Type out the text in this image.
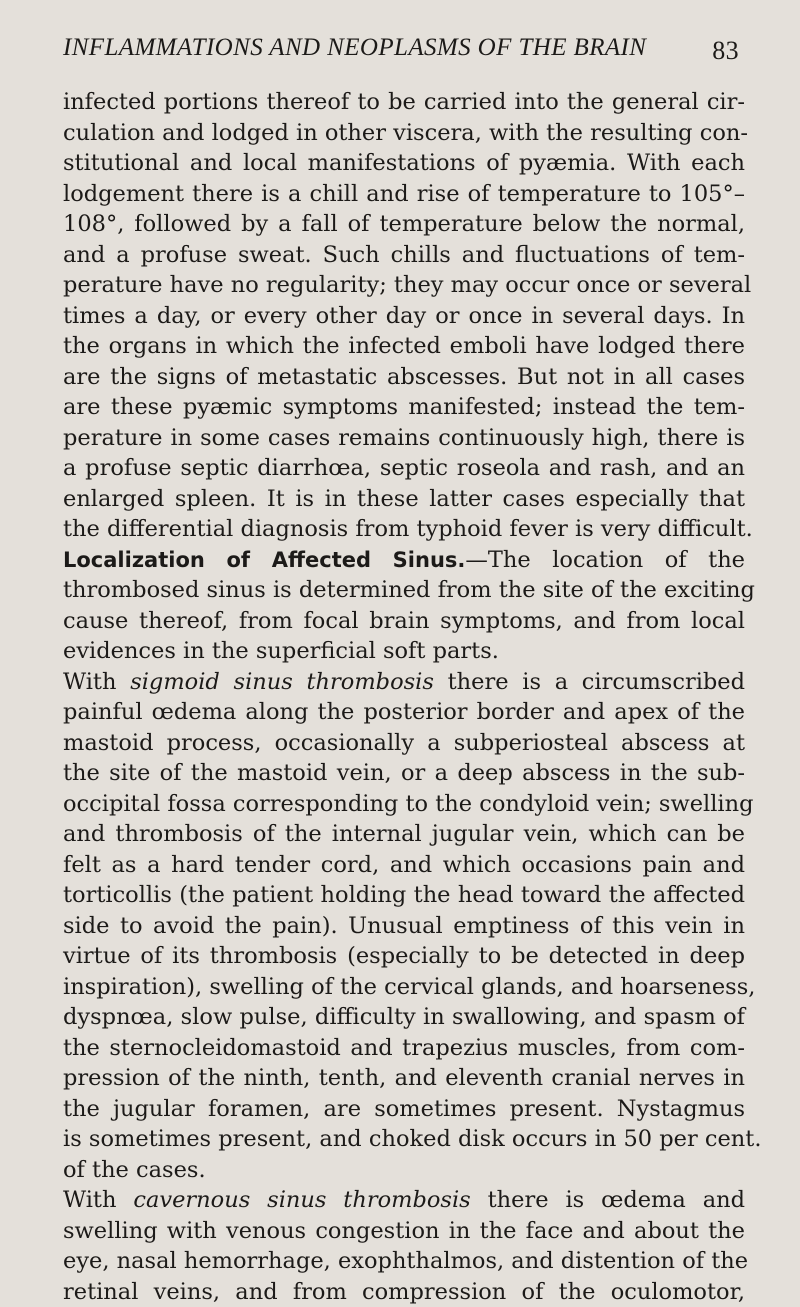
INFLAMMATIONS AND NEOPLASMS OF THE BRAIN	83
infected portions thereof to be carried into the general cir-
culation and lodged in other viscera, with the resulting con-
stitutional and local manifestations of pyæmia. With each
lodgement there is a chill and rise of temperature to 105°–
108°, followed by a fall of temperature below the normal,
and a profuse sweat. Such chills and fluctuations of tem-
perature have no regularity; they may occur once or several
times a day, or every other day or once in several days. In
the organs in which the infected emboli have lodged there
are the signs of metastatic abscesses. But not in all cases
are these pyæmic symptoms manifested; instead the tem-
perature in some cases remains continuously high, there is
a profuse septic diarrhœa, septic roseola and rash, and an
enlarged spleen. It is in these latter cases especially that
the differential diagnosis from typhoid fever is very difficult.
Localization of Affected Sinus.—The location of the
thrombosed sinus is determined from the site of the exciting
cause thereof, from focal brain symptoms, and from local
evidences in the superficial soft parts.
With sigmoid sinus thrombosis there is a circumscribed
painful œdema along the posterior border and apex of the
mastoid process, occasionally a subperiosteal abscess at
the site of the mastoid vein, or a deep abscess in the sub-
occipital fossa corresponding to the condyloid vein; swelling
and thrombosis of the internal jugular vein, which can be
felt as a hard tender cord, and which occasions pain and
torticollis (the patient holding the head toward the affected
side to avoid the pain). Unusual emptiness of this vein in
virtue of its thrombosis (especially to be detected in deep
inspiration), swelling of the cervical glands, and hoarseness,
dyspnœa, slow pulse, difficulty in swallowing, and spasm of
the sternocleidomastoid and trapezius muscles, from com-
pression of the ninth, tenth, and eleventh cranial nerves in
the jugular foramen, are sometimes present. Nystagmus
is sometimes present, and choked disk occurs in 50 per cent.
of the cases.
With cavernous sinus thrombosis there is œdema and
swelling with venous congestion in the face and about the
eye, nasal hemorrhage, exophthalmos, and distention of the
retinal veins, and from compression of the oculomotor,
